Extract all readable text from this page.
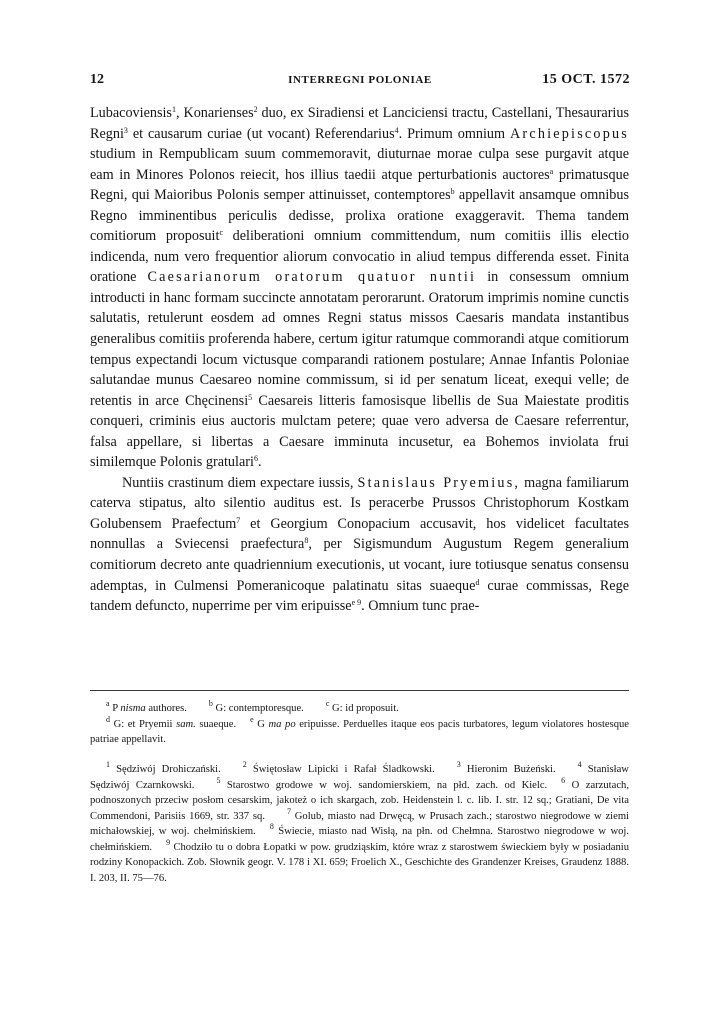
12	INTERREGNI POLONIAE	15 OCT. 1572

Lubacoviensis$^1$, Konarienses$^2$ duo, ex Siradiensi et Lanciciensi tractu, Castellani, Thesaurarius Regni$^3$ et causarum curiae (ut vocant) Referendarius$^4$. Primum omnium Archiepiscopus studium in Rempublicam suum commemoravit, diuturnae morae culpa sese purgavit atque eam in Minores Polonos reiecit, hos illius taedii atque perturbationis auctores$^a$ primatusque Regni, qui Maioribus Polonis semper attinuisset, contemptores$^b$ appellavit ansamque omnibus Regno imminentibus periculis dedisse, prolixa oratione exaggeravit. Thema tandem comitiorum proposuit$^c$ deliberationi omnium committendum, num comitiis illis electio indicenda, num vero frequentior aliorum convocatio in aliud tempus differenda esset. Finita oratione Caesarianorum oratorum quatuor nuntii in consessum omnium introducti in hanc formam succincte annotatam perorarunt. Oratorum imprimis nomine cunctis salutatis, retulerunt eosdem ad omnes Regni status missos Caesaris mandata instantibus generalibus comitiis proferenda habere, certum igitur ratumque commorandi atque comitiorum tempus expectandi locum victusque comparandi rationem postulare; Annae Infantis Poloniae salutandae munus Caesareo nomine commissum, si id per senatum liceat, exequi velle; de retentis in arce Chęcinensi$^5$ Caesareis litteris famosisque libellis de Sua Maiestate proditis conqueri, criminis eius auctoris mulctam petere; quae vero adversa de Caesare referrentur, falsa appellare, si libertas a Caesare imminuta incusetur, ea Bohemos inviolata frui similemque Polonis gratulari$^6$.

Nuntiis crastinum diem expectare iussis, Stanislaus Pryemius, magna familiarum caterva stipatus, alto silentio auditus est. Is peracerbe Prussos Christophorum Kostkam Golubensem Praefectum$^7$ et Georgium Conopacium accusavit, hos videlicet facultates nonnullas a Sviecensi praefectura$^8$, per Sigismundum Augustum Regem generalium comitiorum decreto ante quadriennium executionis, ut vocant, iure totiusque senatus consensu ademptas, in Culmensi Pomeranicoque palatinatu sitas suaeque$^d$ curae commissas, Rege tandem defuncto, nuperrime per vim eripuisse$^{e 9}$. Omnium tunc prae-

$^a$ P nisma authores.	$^b$ G: contemptoresque.	$^c$ G: id proposuit.

$^d$ G: et Pryemii sam. suaeque. $^e$ G ma po eripuisse. Perduelles itaque eos pacis turbatores, legum violatores hostesque patriae appellavit.

$^1$ Sędziwój Drohiczański.	$^2$ Świętosław Lipicki i Rafał Śladkowski.	$^3$ Hieronim Bużeński.	$^4$ Stanisław Sędziwój Czarnkowski.	$^5$ Starostwo grodowe w woj. sandomierskiem, na płd. zach. od Kielc. $^6$ O zarzutach, podnoszonych przeciw posłom cesarskim, jakoteż o ich skargach, zob. Heidenstein l. c. lib. I. str. 12 sq.; Gratiani, De vita Commendoni, Parisiis 1669, str. 337 sq.	$^7$ Golub, miasto nad Drwęcą, w Prusach zach.; starostwo niegrodowe w ziemi michałowskiej, w woj. chełmińskiem. $^8$ Świecie, miasto nad Wisłą, na płn. od Chełmna. Starostwo niegrodowe w woj. chełmińskiem. $^9$ Chodziło tu o dobra Łopatki w pow. grudziąskim, które wraz z starostwem świeckiem były w posiadaniu rodziny Konopackich. Zob. Słownik geogr. V. 178 i XI. 659; Froelich X., Geschichte des Grandenzer Kreises, Graudenz 1888. I. 203, II. 75—76.
